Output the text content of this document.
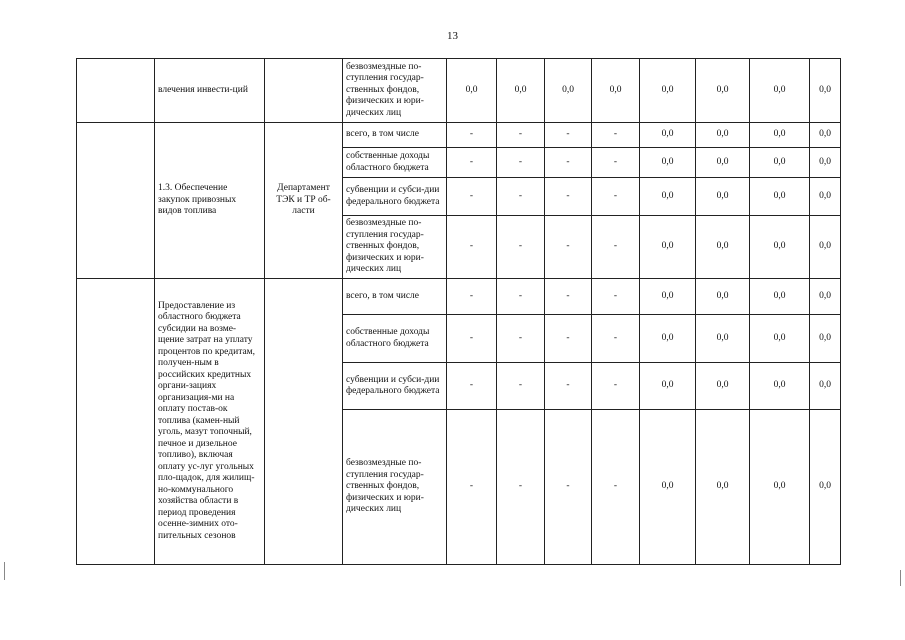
13
	влечения инвести-ций		безвозмездные по-ступления государ-ственных фондов, физических и юри-дических лиц	0,0	0,0	0,0	0,0	0,0	0,0	0,0	0,0
	1.3. Обеспечение закупок привозных видов топлива	Департамент ТЭК и ТР об-ласти	всего, в том числе	-	-	-	-	0,0	0,0	0,0	0,0
			собственные доходы областного бюджета	-	-	-	-	0,0	0,0	0,0	0,0
			субвенции и субси-дии федерального бюджета	-	-	-	-	0,0	0,0	0,0	0,0
			безвозмездные по-ступления государ-ственных фондов, физических и юри-дических лиц	-	-	-	-	0,0	0,0	0,0	0,0
	Предоставление из областного бюджета субсидии на возме-щение затрат на уплату процентов по кредитам, получен-ным в российских кредитных органи-зациях организация-ми на оплату постав-ок топлива (камен-ный уголь, мазут топочный, печное и дизельное топливо), включая оплату ус-луг угольных пло-щадок, для жилищ-но-коммунального хозяйства области в период проведения осенне-зимних ото-пительных сезонов		всего, в том числе	-	-	-	-	0,0	0,0	0,0	0,0
			собственные доходы областного бюджета	-	-	-	-	0,0	0,0	0,0	0,0
			субвенции и субси-дии федерального бюджета	-	-	-	-	0,0	0,0	0,0	0,0
			безвозмездные по-ступления государ-ственных фондов, физических и юри-дических лиц	-	-	-	-	0,0	0,0	0,0	0,0
